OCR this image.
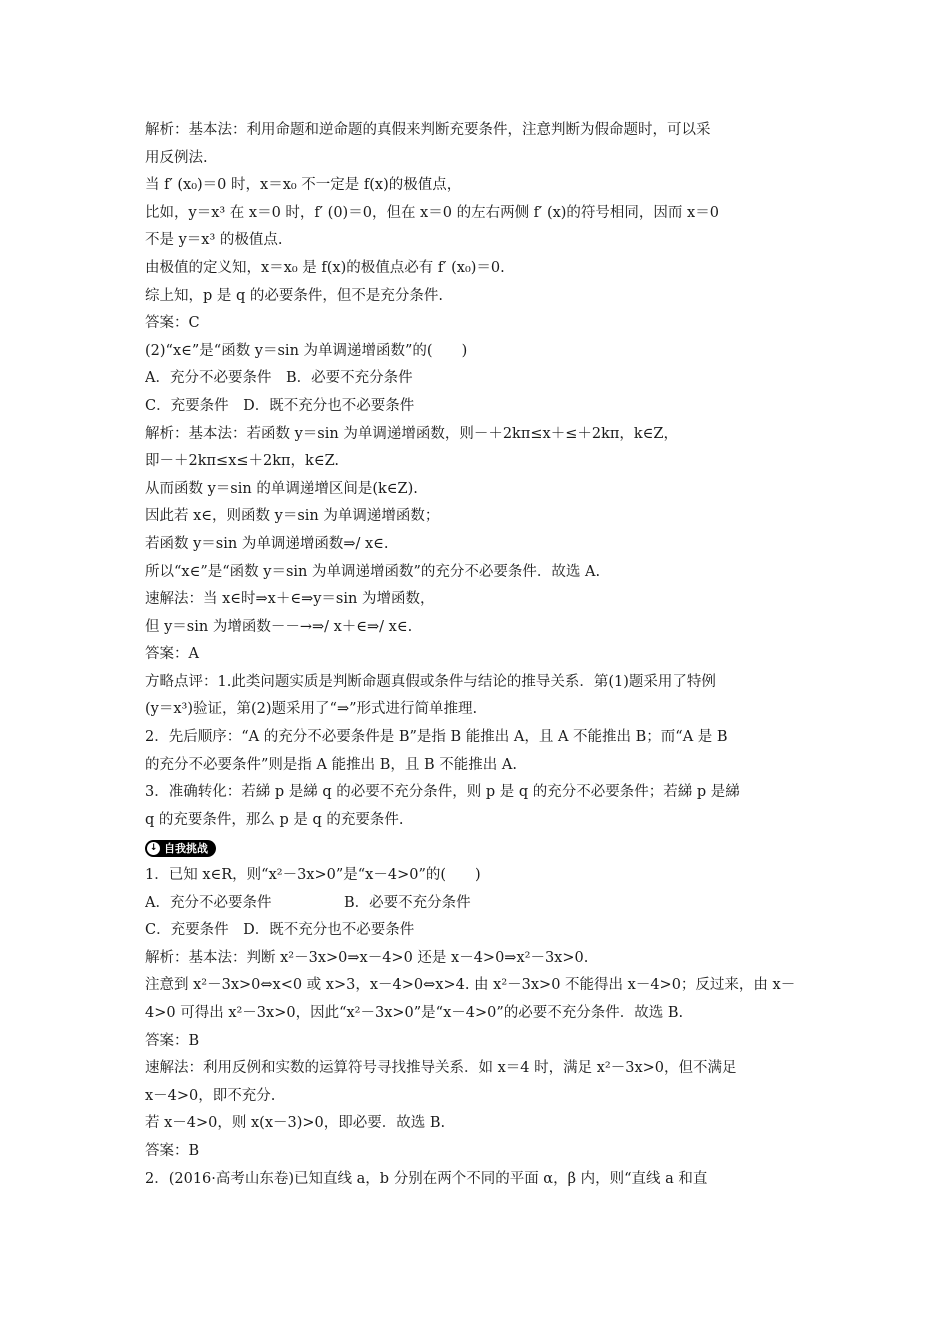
解析：基本法：利用命题和逆命题的真假来判断充要条件，注意判断为假命题时，可以采
用反例法.
当 f′ (x₀)＝0 时，x＝x₀ 不一定是 f(x)的极值点，
比如，y＝x³ 在 x＝0 时，f′ (0)＝0，但在 x＝0 的左右两侧 f′ (x)的符号相同，因而 x＝0
不是 y＝x³ 的极值点.
由极值的定义知，x＝x₀ 是 f(x)的极值点必有 f′ (x₀)＝0.
综上知，p 是 q 的必要条件，但不是充分条件.
答案：C
(2)“x∈”是“函数 y＝sin 为单调递增函数”的(　　)
A．充分不必要条件　B．必要不充分条件
C．充要条件　D．既不充分也不必要条件
解析：基本法：若函数 y＝sin 为单调递增函数，则－＋2kπ≤x＋≤＋2kπ，k∈Z，
即－＋2kπ≤x≤＋2kπ，k∈Z.
从而函数 y＝sin 的单调递增区间是(k∈Z).
因此若 x∈，则函数 y＝sin 为单调递增函数；
若函数 y＝sin 为单调递增函数⇒/ x∈.
所以“x∈”是“函数 y＝sin 为单调递增函数”的充分不必要条件．故选 A.
速解法：当 x∈时⇒x＋∈⇒y＝sin 为增函数，
但 y＝sin 为增函数－－→⇒/ x＋∈⇒/ x∈.
答案：A
方略点评：1.此类问题实质是判断命题真假或条件与结论的推导关系．第(1)题采用了特例
(y＝x³)验证，第(2)题采用了“⇒”形式进行简单推理.
2．先后顺序：“A 的充分不必要条件是 B”是指 B 能推出 A，且 A 不能推出 B；而“A 是 B
的充分不必要条件”则是指 A 能推出 B，且 B 不能推出 A.
3．准确转化：若綈 p 是綈 q 的必要不充分条件，则 p 是 q 的充分不必要条件；若綈 p 是綈
q 的充要条件，那么 p 是 q 的充要条件.
↓ 自我挑战
1．已知 x∈R，则“x²－3x>0”是“x－4>0”的(　　)
A．充分不必要条件　　　　　B．必要不充分条件
C．充要条件　D．既不充分也不必要条件
解析：基本法：判断 x²－3x>0⇒x－4>0 还是 x－4>0⇒x²－3x>0.
注意到 x²－3x>0⇔x<0 或 x>3，x－4>0⇔x>4. 由 x²－3x>0 不能得出 x－4>0；反过来，由 x－
4>0 可得出 x²－3x>0，因此“x²－3x>0”是“x－4>0”的必要不充分条件．故选 B.
答案：B
速解法：利用反例和实数的运算符号寻找推导关系．如 x＝4 时，满足 x²－3x>0，但不满足
x－4>0，即不充分.
若 x－4>0，则 x(x－3)>0，即必要．故选 B.
答案：B
2．(2016·高考山东卷)已知直线 a，b 分别在两个不同的平面 α，β 内，则“直线 a 和直
